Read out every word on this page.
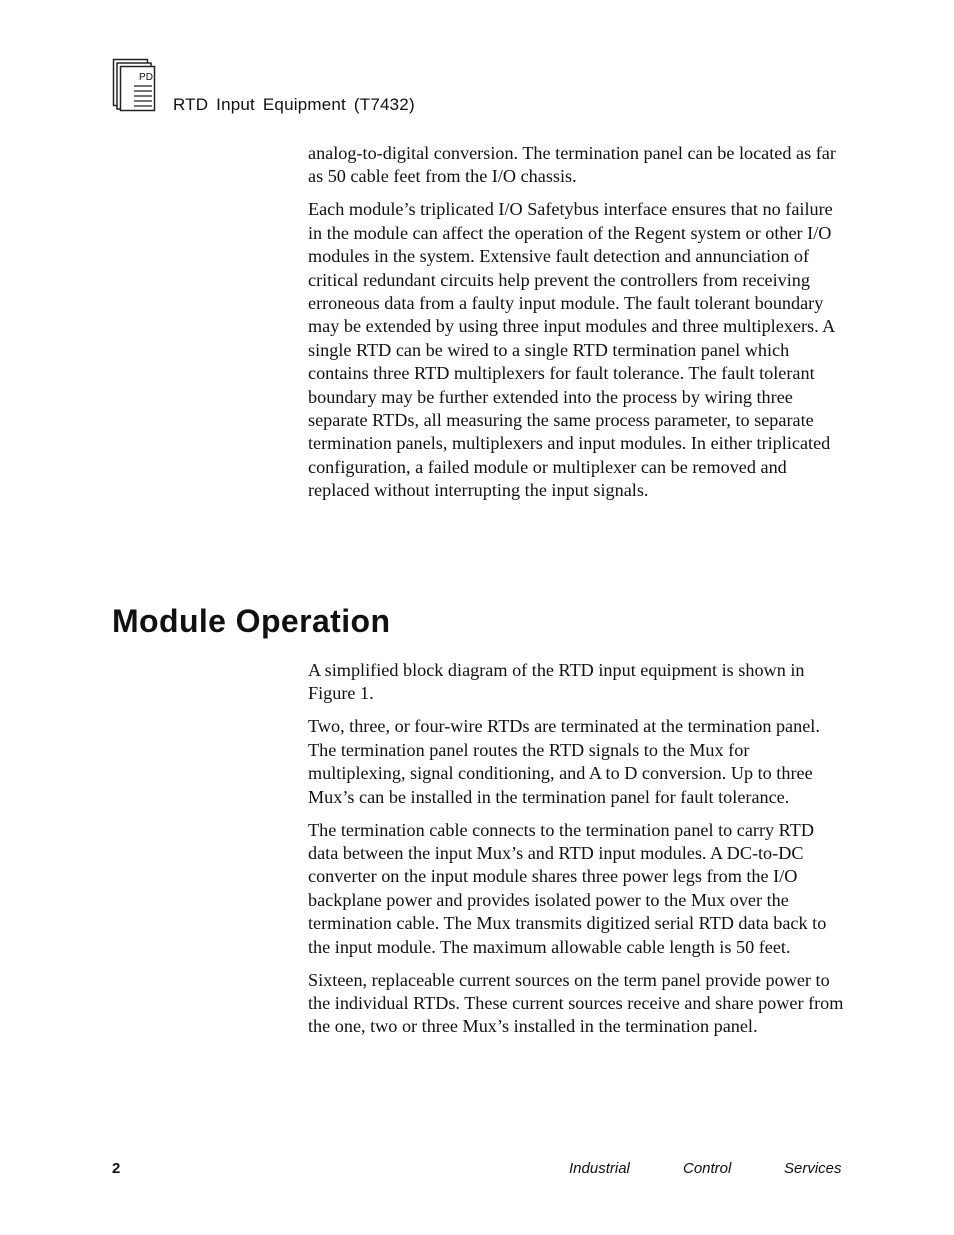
PD
RTD Input Equipment (T7432)

analog-to-digital conversion. The termination panel can be located as far as 50 cable feet from the I/O chassis.

Each module’s triplicated I/O Safetybus interface ensures that no failure in the module can affect the operation of the Regent system or other I/O modules in the system. Extensive fault detection and annunciation of critical redundant circuits help prevent the controllers from receiving erroneous data from a faulty input module. The fault tolerant boundary may be extended by using three input modules and three multiplexers. A single RTD can be wired to a single RTD termination panel which contains three RTD multiplexers for fault tolerance. The fault tolerant boundary may be further extended into the process by wiring three separate RTDs, all measuring the same process parameter, to separate termination panels, multiplexers and input modules. In either triplicated configuration, a failed module or multiplexer can be removed and replaced without interrupting the input signals.

Module Operation

A simplified block diagram of the RTD input equipment is shown in Figure 1.

Two, three, or four-wire RTDs are terminated at the termination panel. The termination panel routes the RTD signals to the Mux for multiplexing, signal conditioning, and A to D conversion. Up to three Mux’s can be installed in the termination panel for fault tolerance.

The termination cable connects to the termination panel to carry RTD data between the input Mux’s and RTD input modules. A DC-to-DC converter on the input module shares three power legs from the I/O backplane power and provides isolated power to the Mux over the termination cable. The Mux transmits digitized serial RTD data back to the input module. The maximum allowable cable length is 50 feet.

Sixteen, replaceable current sources on the term panel provide power to the individual RTDs. These current sources receive and share power from the one, two or three Mux’s installed in the termination panel.

2	Industrial	Control	Services
